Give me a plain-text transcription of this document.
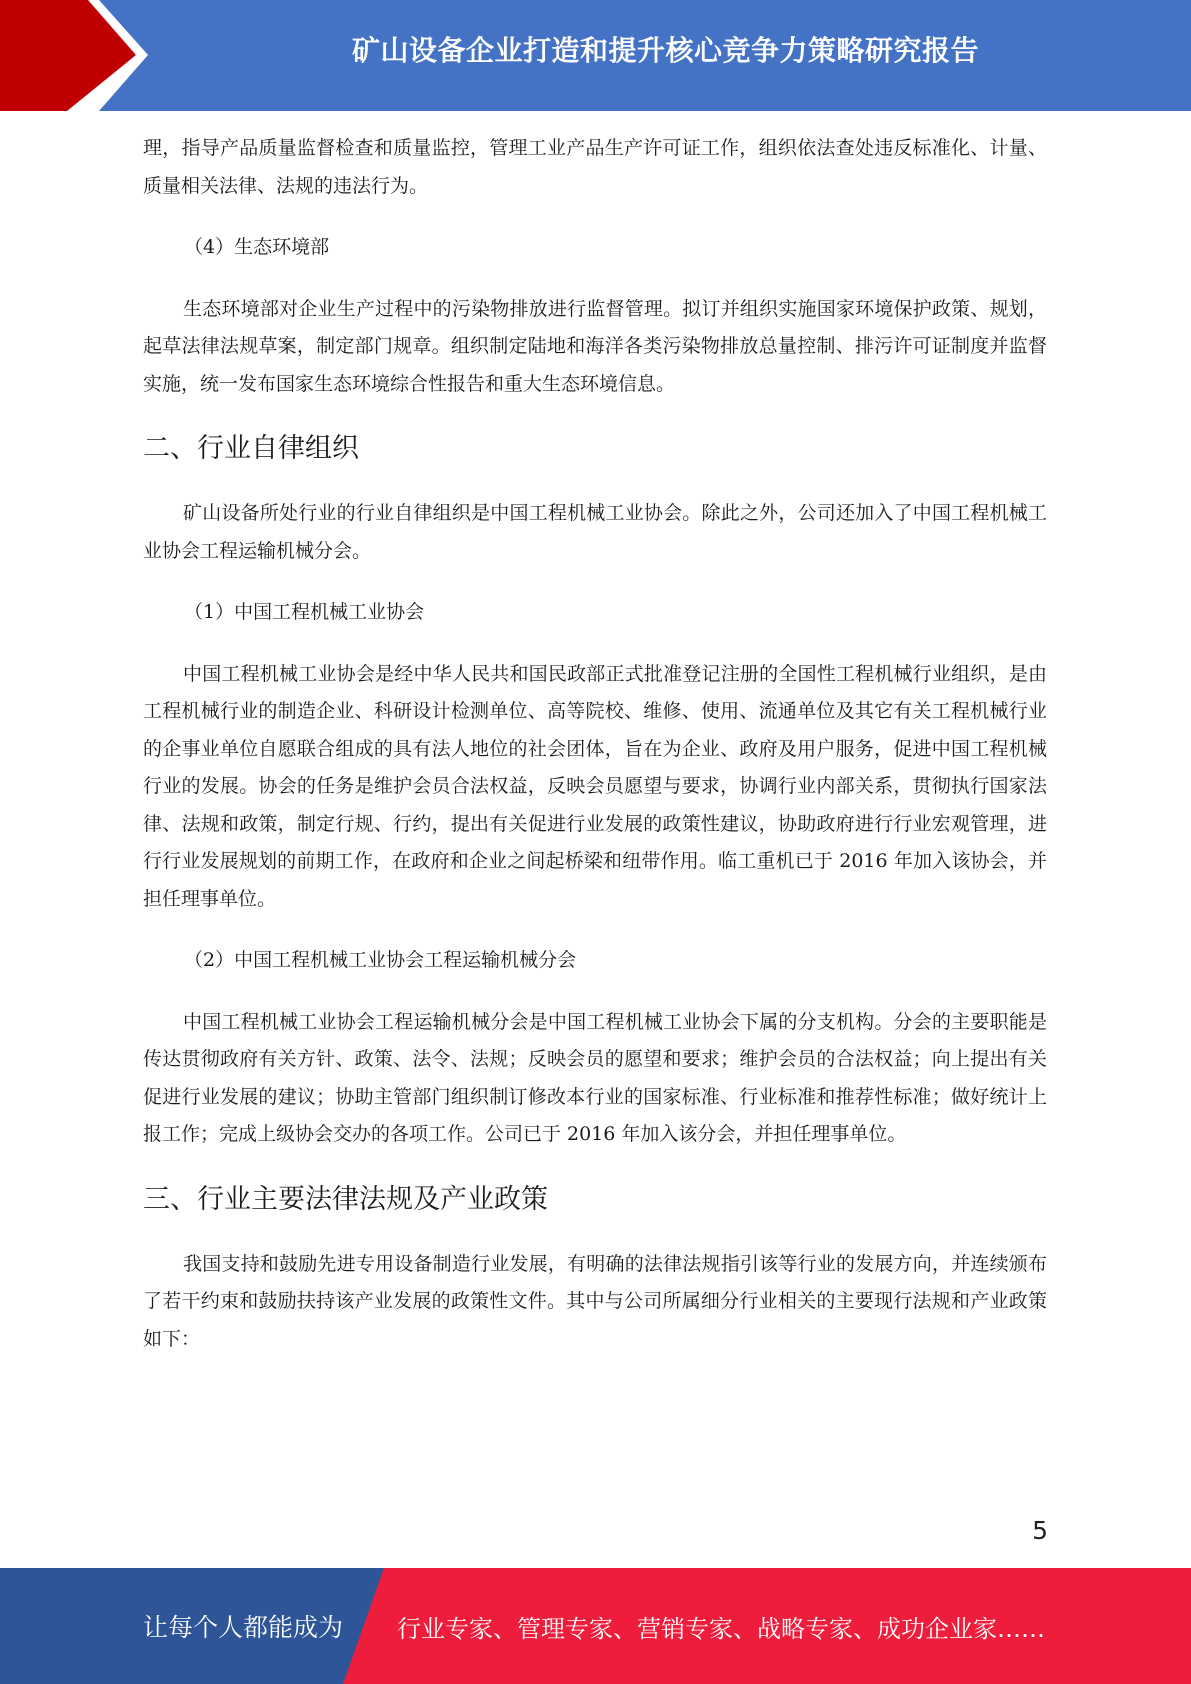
矿山设备企业打造和提升核心竞争力策略研究报告

理，指导产品质量监督检查和质量监控，管理工业产品生产许可证工作，组织依法查处违反标准化、计量、质量相关法律、法规的违法行为。

（4）生态环境部

生态环境部对企业生产过程中的污染物排放进行监督管理。拟订并组织实施国家环境保护政策、规划，起草法律法规草案，制定部门规章。组织制定陆地和海洋各类污染物排放总量控制、排污许可证制度并监督实施，统一发布国家生态环境综合性报告和重大生态环境信息。

二、行业自律组织

矿山设备所处行业的行业自律组织是中国工程机械工业协会。除此之外，公司还加入了中国工程机械工业协会工程运输机械分会。

（1）中国工程机械工业协会

中国工程机械工业协会是经中华人民共和国民政部正式批准登记注册的全国性工程机械行业组织，是由工程机械行业的制造企业、科研设计检测单位、高等院校、维修、使用、流通单位及其它有关工程机械行业的企事业单位自愿联合组成的具有法人地位的社会团体，旨在为企业、政府及用户服务，促进中国工程机械行业的发展。协会的任务是维护会员合法权益，反映会员愿望与要求，协调行业内部关系，贯彻执行国家法律、法规和政策，制定行规、行约，提出有关促进行业发展的政策性建议，协助政府进行行业宏观管理，进行行业发展规划的前期工作，在政府和企业之间起桥梁和纽带作用。临工重机已于 2016 年加入该协会，并担任理事单位。

（2）中国工程机械工业协会工程运输机械分会

中国工程机械工业协会工程运输机械分会是中国工程机械工业协会下属的分支机构。分会的主要职能是传达贯彻政府有关方针、政策、法令、法规；反映会员的愿望和要求；维护会员的合法权益；向上提出有关促进行业发展的建议；协助主管部门组织制订修改本行业的国家标准、行业标准和推荐性标准；做好统计上报工作；完成上级协会交办的各项工作。公司已于 2016 年加入该分会，并担任理事单位。

三、行业主要法律法规及产业政策

我国支持和鼓励先进专用设备制造行业发展，有明确的法律法规指引该等行业的发展方向，并连续颁布了若干约束和鼓励扶持该产业发展的政策性文件。其中与公司所属细分行业相关的主要现行法规和产业政策如下：

5
让每个人都能成为 行业专家、管理专家、营销专家、战略专家、成功企业家……
